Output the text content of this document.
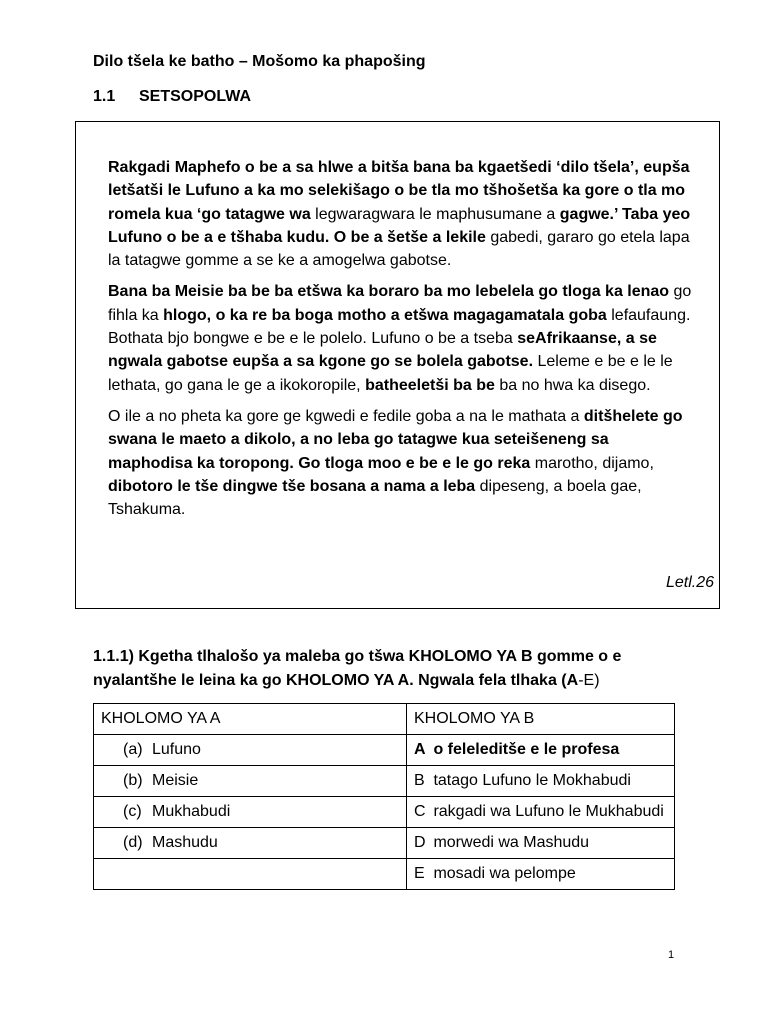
Dilo tšela ke batho – Mošomo ka phapošing
1.1 SETSOPOLWA

Rakgadi Maphefo o be a sa hlwe a bitša bana ba kgaetšedi ‘dilo tšela’, eupša letšatši le Lufuno a ka mo selekišago o be tla mo tšhošetša ka gore o tla mo romela kua ‘go tatagwe wa legwaragwara le maphusumane a gagwe.’ Taba yeo Lufuno o be a e tšhaba kudu. O be a šetše a lekile gabedi, gararo go etela lapa la tatagwe gomme a se ke a amogelwa gabotse.

Bana ba Meisie ba be ba etšwa ka boraro ba mo lebelela go tloga ka lenao go fihla ka hlogo, o ka re ba boga motho a etšwa magagamatala goba lefaufaung. Bothata bjo bongwe e be e le polelo. Lufuno o be a tseba seAfrikaanse, a se ngwala gabotse eupša a sa kgone go se bolela gabotse. Leleme e be e le le lethata, go gana le ge a ikokoropile, batheeletši ba be ba no hwa ka disego.

O ile a no pheta ka gore ge kgwedi e fedile goba a na le mathata a ditšhelete go swana le maeto a dikolo, a no leba go tatagwe kua seteišeneng sa maphodisa ka toropong. Go tloga moo e be e le go reka marotho, dijamo, dibotoro le tše dingwe tše bosana a nama a leba dipeseng, a boela gae, Tshakuma.

Letl.26
1.1.1) Kgetha tlhalošo ya maleba go tšwa KHOLOMO YA B gomme o e nyalantšhe le leina ka go KHOLOMO YA A. Ngwala fela tlhaka (A-E)
KHOLOMO YA A	KHOLOMO YA B
(a) Lufuno	A o feleleditše e le profesa
(b) Meisie	B tatago Lufuno le Mokhabudi
(c) Mukhabudi	C rakgadi wa Lufuno le Mukhabudi
(d) Mashudu	D morwedi wa Mashudu
	E mosadi wa pelompe
1
